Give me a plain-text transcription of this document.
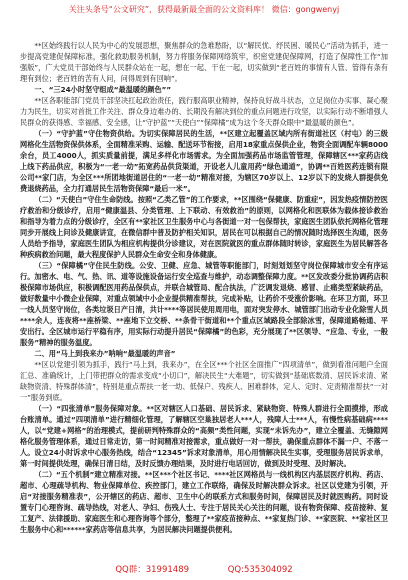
关注头条号“公文研究”，获得最新最全面的公文资料库！ 微信：gongwenyj

**区始终践行以人民为中心的发展思想，聚焦群众的急难愁盼，以“解民忧、纾民困、暖民心”活动为抓手，进一步提高党建促保障标准，强化救助服务机制，努力将服务保障网络筑牢，织密党建促保障网，打造了保障性工作“加强版”，广大党员干部始终与人民群众站在一起，想在一起、干在一起，切实做到“老百姓的事情有人管、管得有条有理有到位；老百姓的苦有人问，问得周到有回响”。

一、“三24小时坚守组成“最温暖的颜色””

**区各职能部门党员干部坚决扛起政治责任，践行服高职业精神，保持良好战斗状态，立足岗位办实事、凝心聚力为民生，切实对首批工作关注、群众身边难办的、长期没有解决到位的重点问题进行攻坚，以实际行动不断增强人民群众的获得感、幸福感、安全感，让“守护蓝”“天使白”“保障橘”成为这个冬天群众眼中“最温暖的颜色”。

（一）“守护蓝”守住物资供给。为切实保障居民的生活，**区建立起覆盖区域内所有街道社区（村屯）的三级网格化生活物资保供体系，全面精准采购、运输、配送环节衔接，启用18家重点保供企业，物资全面调配车辆8000余台，员工4000人，抓实质量前提，满足多样化市场需求。为全面加强药品市场监管管理，保障辖区***家药店线上线下药品供应，积极为“一老一幼”拓宽药品供货渠道，开设老人儿童用药“绿色通道”，协调**百姓医药连锁有限公司**家门店，为全区***所团地街道居住的“一老一幼”精准对接，为辖区70岁以上、12岁以下的发烧人群提供免费退烧药品，全力打通居民生活物资保障“最后一米”。

（二）“天使白”守住生命防线。按照“乙类乙管”的工作要求，**区围绕“保健康、防重症”，因发热疫情防控医疗救治和分级诊疗，启用“健康温县、分类管理、上下联动、有效救治”的原则，以网格化和医联体为载体接诊救治和指导为着力点的分级诊疗，全区有**家社区卫生服务中心与各街道一对一包保帮扶，家庭医生团队依托网格化管理同步开展线上问诊及健康讲宣，在微信群中普及防护相关知识，居民在可以根据自己的情况随时选择医生沟通，医务人员给予指导，家庭医生团队为相应机构提供分诊建议，对在医院就医的重点群体随时转诊，家庭医生为居民解答各种疾病救治问题，最大程度保护人民群众生命安全和身体健康。

（三）“保障橘”守住民生防线。公安、卫健、应急、城管等职能部门，时刻划划坚守岗位保障城市安全有序运行。加密水、电、气、热、讯、道等设施设备运行安全巡查与维护，动态调整保障力度。**区发改委分批协调药店积极保障市场供应，积极调配医用药品保供点，并联合城管局、配合执法，广泛调发退烧、感冒、止痛类型紧缺药品，做好数量中小微企业保障，对重点领域中小企业提供精准帮扶，完成补贴，让药价不受涨价影响。在环卫方面，环卫一线人员坚守岗位，各类垃圾日产日清，共计****等居民使用周用电，面对突发停水、城管部门出动专业化除雪人员****余人，连夜将**座桥梁、**座地下立交桥、**条骨干街道和**个重点区域路段全部除冰雪，保障道路畅通、平安出行。全区城市运行平稳有序，用实际行动提升居民“保障橘”的色彩，充分展现了**区领导、“应急、专业，一般服务”精神的服务温度。

二、用“马上到我来办”呐响“最温暖的声音”

**区以党建引领为抓手，践行“马上到，我来办”，在全区***个社区全面推广“四项清单”，做到看准问题户全面汇总、准确统计，上门带把群众的需求变成“小切口”，解决民生“大难题”，切实做到“基础底数清、居民诉求清、紧缺物资清、特殊群体清”，特别是重点帮扶一老一幼、低保户、残疾人、困难群体，定人、定时、定责精准帮扶“一对一”服务到底。

（一）“四张清单”服务保障对象。**区对辖区人口基础、居民诉求、紧缺物资、特殊人群进行全面摸排，形成台账清单。通过“四项清单”进行精细化管理，了解辖区空巢独居老人***人，残障人士***人，有慢性病基础病****人，以“党建+网格”的治理模式，提前研判特殊群众的“高频”类性问题，实现“未诉先办”，建立全覆盖、无缝隙网格化服务管理体系，通过日常走访，第一时间精准对接需求，重点做好一对一帮扶，确保重点群体不漏一户、不落一人。设立24小时诉求中心服务热线，结合“12345”诉求对象清单，用心用情解决民生实事，受理服务居民诉求单，第一时间提供处理，确保日清日结，及时反馈办理结果，及时进行电话回访，做到及时受理、及时解决。

（二）“五个机制”建立精准对接。**区***个社区书记、****社区网格员与一线机构区内基层医疗机构、药店、超市、心理疏导机构、物业保障单位、疾控部门，建立工作联络，确保及时解决群众诉求。社区以党建为引领，开启“对接服务精准表”，公开辖区的药店、超市、卫生中心的联系方式和服务时间，保障居民及时就医购药。同时设置专门心理咨询、疏导热线，对老人、孕妇、伤残人士、专注于居民关心关注的问题，设有物资保障、疫苗接种、复工复产、法律援助、家庭医生和心理咨询等个部分，整理了**家疫苗接种点、**家复热门诊、**家医院、**家社区卫生服务中心和******家药店等信息共享，为居民解决问题提供便利。

QQ群：31991489	QQ:535304092
